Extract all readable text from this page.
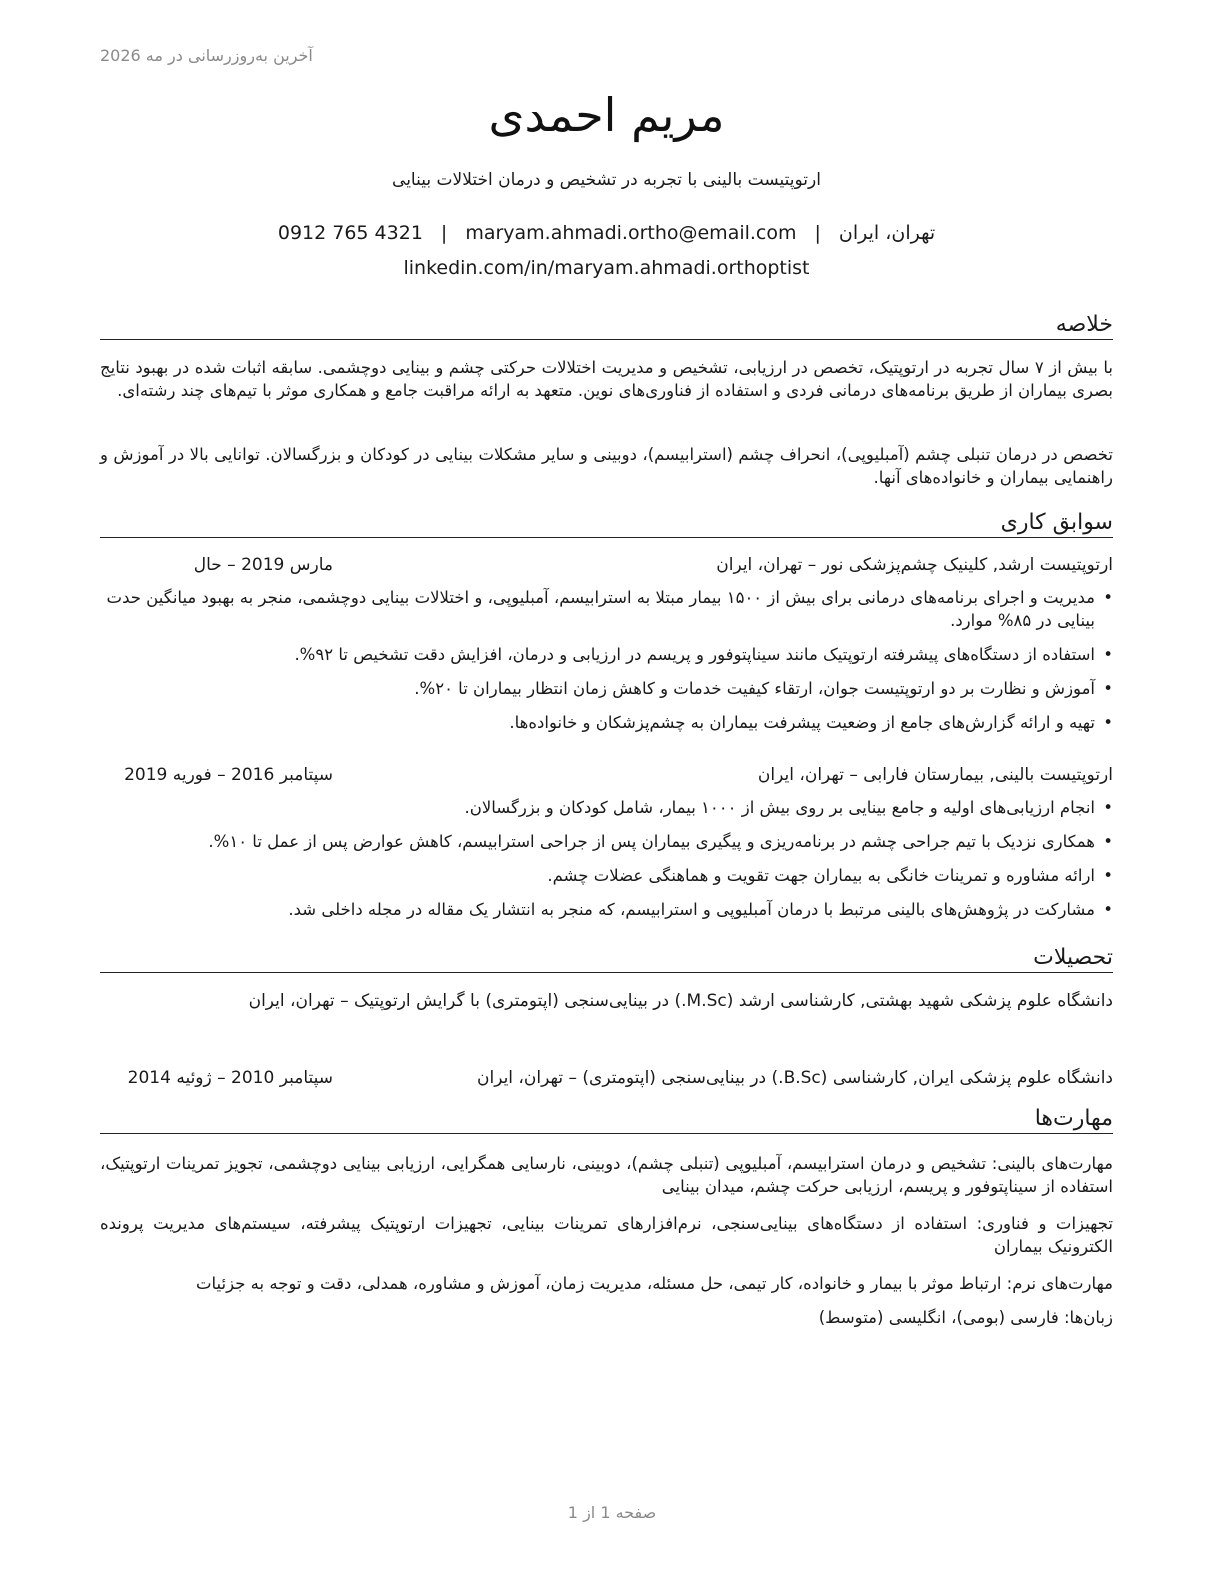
آخرین به‌روزرسانی در مه 2026
مریم احمدی
ارتوپتیست بالینی با تجربه در تشخیص و درمان اختلالات بینایی
تهران، ایران|maryam.ahmadi.ortho@email.com|0912 765 4321
linkedin.com/in/maryam.ahmadi.orthoptist
خلاصه

با بیش از ۷ سال تجربه در ارتوپتیک، تخصص در ارزیابی، تشخیص و مدیریت اختلالات حرکتی چشم و بینایی دوچشمی. سابقه اثبات شده در بهبود نتایج بصری بیماران از طریق برنامه‌های درمانی فردی و استفاده از فناوری‌های نوین. متعهد به ارائه مراقبت جامع و همکاری موثر با تیم‌های چند رشته‌ای.

تخصص در درمان تنبلی چشم (آمبلیوپی)، انحراف چشم (استرابیسم)، دوبینی و سایر مشکلات بینایی در کودکان و بزرگسالان. توانایی بالا در آموزش و راهنمایی بیماران و خانواده‌های آنها.

سوابق کاری
ارتوپتیست ارشد, کلینیک چشم‌پزشکی نور – تهران، ایران
مارس 2019 – حال
• مدیریت و اجرای برنامه‌های درمانی برای بیش از ۱۵۰۰ بیمار مبتلا به استرابیسم، آمبلیوپی، و اختلالات بینایی دوچشمی، منجر به بهبود میانگین حدت بینایی در ۸۵% موارد.
• استفاده از دستگاه‌های پیشرفته ارتوپتیک مانند سیناپتوفور و پریسم در ارزیابی و درمان، افزایش دقت تشخیص تا ۹۲%.
• آموزش و نظارت بر دو ارتوپتیست جوان، ارتقاء کیفیت خدمات و کاهش زمان انتظار بیماران تا ۲۰%.
• تهیه و ارائه گزارش‌های جامع از وضعیت پیشرفت بیماران به چشم‌پزشکان و خانواده‌ها.
ارتوپتیست بالینی, بیمارستان فارابی – تهران، ایران
سپتامبر 2016 – فوریه 2019
• انجام ارزیابی‌های اولیه و جامع بینایی بر روی بیش از ۱۰۰۰ بیمار، شامل کودکان و بزرگسالان.
• همکاری نزدیک با تیم جراحی چشم در برنامه‌ریزی و پیگیری بیماران پس از جراحی استرابیسم، کاهش عوارض پس از عمل تا ۱۰%.
• ارائه مشاوره و تمرینات خانگی به بیماران جهت تقویت و هماهنگی عضلات چشم.
• مشارکت در پژوهش‌های بالینی مرتبط با درمان آمبلیوپی و استرابیسم، که منجر به انتشار یک مقاله در مجله داخلی شد.
تحصیلات
دانشگاه علوم پزشکی شهید بهشتی, کارشناسی ارشد (M.Sc.) در بینایی‌سنجی (اپتومتری) با گرایش ارتوپتیک – تهران، ایران
دانشگاه علوم پزشکی ایران, کارشناسی (B.Sc.) در بینایی‌سنجی (اپتومتری) – تهران، ایران
سپتامبر 2010 – ژوئیه 2014
مهارت‌ها
مهارت‌های بالینی: تشخیص و درمان استرابیسم، آمبلیوپی (تنبلی چشم)، دوبینی، نارسایی همگرایی، ارزیابی بینایی دوچشمی، تجویز تمرینات ارتوپتیک، استفاده از سیناپتوفور و پریسم، ارزیابی حرکت چشم، میدان بینایی
تجهیزات و فناوری: استفاده از دستگاه‌های بینایی‌سنجی، نرم‌افزارهای تمرینات بینایی، تجهیزات ارتوپتیک پیشرفته، سیستم‌های مدیریت پرونده الکترونیک بیماران
مهارت‌های نرم: ارتباط موثر با بیمار و خانواده، کار تیمی، حل مسئله، مدیریت زمان، آموزش و مشاوره، همدلی، دقت و توجه به جزئیات
زبان‌ها: فارسی (بومی)، انگلیسی (متوسط)
صفحه 1 از 1
